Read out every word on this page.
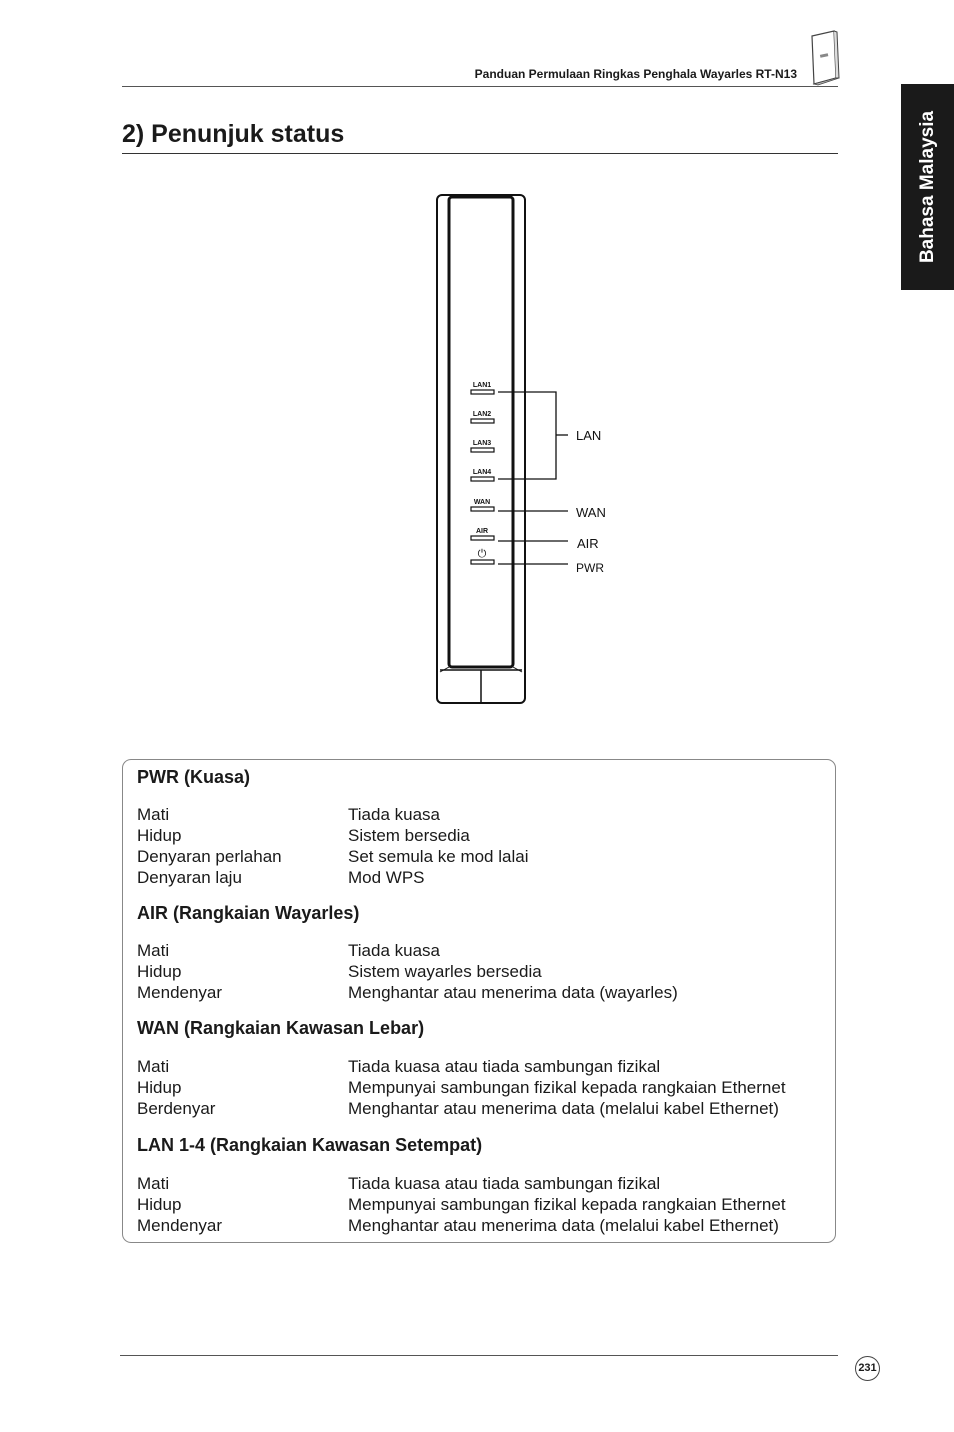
Panduan Permulaan Ringkas Penghala Wayarles RT-N13
Bahasa Malaysia
2) Penunjuk status
LAN1
LAN2
LAN3
LAN4
WAN
AIR
⏻
LAN
WAN
AIR
PWR
PWR (Kuasa)
Mati	Tiada kuasa
Hidup	Sistem bersedia
Denyaran perlahan	Set semula ke mod lalai
Denyaran laju	Mod WPS
AIR (Rangkaian Wayarles)
Mati	Tiada kuasa
Hidup	Sistem wayarles bersedia
Mendenyar	Menghantar atau menerima data (wayarles)
WAN (Rangkaian Kawasan Lebar)
Mati	Tiada kuasa atau tiada sambungan fizikal
Hidup	Mempunyai sambungan fizikal kepada rangkaian Ethernet
Berdenyar	Menghantar atau menerima data (melalui kabel Ethernet)
LAN 1-4 (Rangkaian Kawasan Setempat)
Mati	Tiada kuasa atau tiada sambungan fizikal
Hidup	Mempunyai sambungan fizikal kepada rangkaian Ethernet
Mendenyar	Menghantar atau menerima data (melalui kabel Ethernet)
231
